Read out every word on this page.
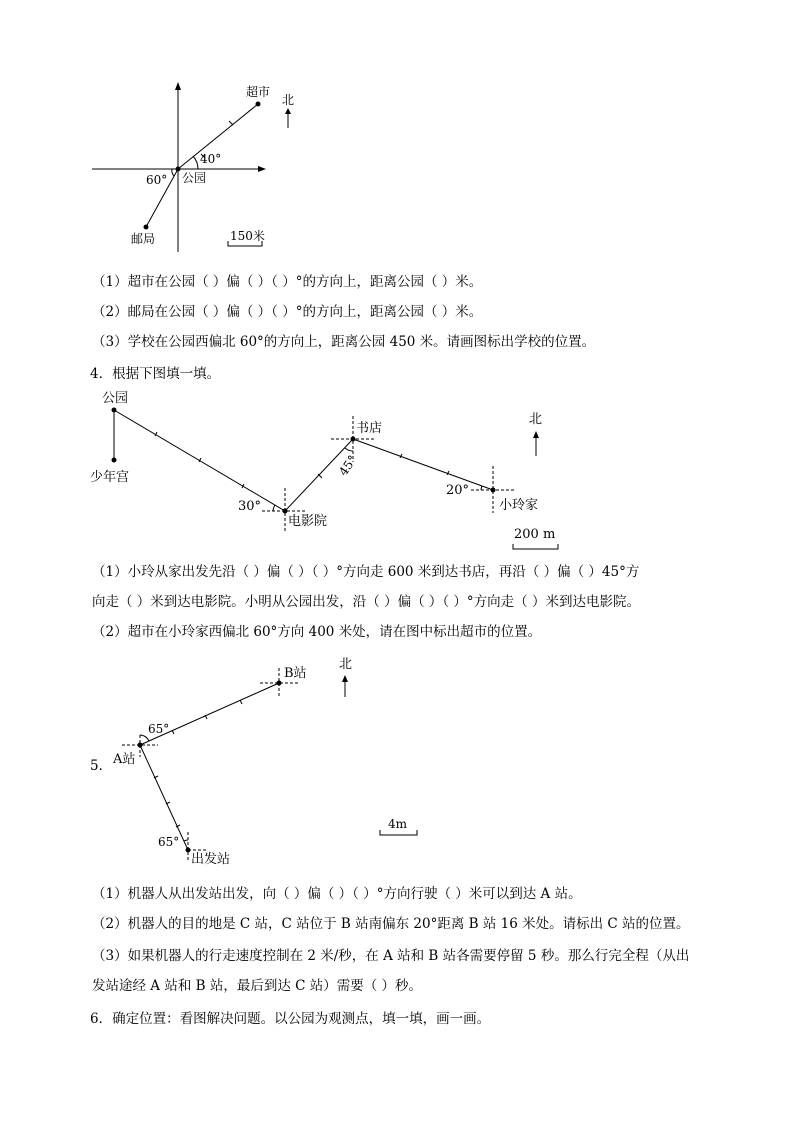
超市
北
40°
60° 公园
邮局	150米
（1）超市在公园（ ）偏（ ）（ ）°的方向上，距离公园（ ）米。
（2）邮局在公园（ ）偏（ ）（ ）°的方向上，距离公园（ ）米。
（3）学校在公园西偏北 60°的方向上，距离公园 450 米。请画图标出学校的位置。
4．根据下图填一填。
公园
少年宫
电影院
书店
小玲家
30°
45°
20°
北
200 m
（1）小玲从家出发先沿（ ）偏（ ）（ ）°方向走 600 米到达书店，再沿（ ）偏（ ）45°方
向走（ ）米到达电影院。小明从公园出发，沿（ ）偏（ ）（ ）°方向走（ ）米到达电影院。
（2）超市在小玲家西偏北 60°方向 400 米处，请在图中标出超市的位置。
B站
北
65°
65°
A站
出发站
4m
5．
（1）机器人从出发站出发，向（ ）偏（ ）（ ）°方向行驶（ ）米可以到达 A 站。
（2）机器人的目的地是 C 站，C 站位于 B 站南偏东 20°距离 B 站 16 米处。请标出 C 站的位置。
（3）如果机器人的行走速度控制在 2 米/秒，在 A 站和 B 站各需要停留 5 秒。那么行完全程（从出
发站途经 A 站和 B 站，最后到达 C 站）需要（ ）秒。
6．确定位置：看图解决问题。以公园为观测点，填一填，画一画。
